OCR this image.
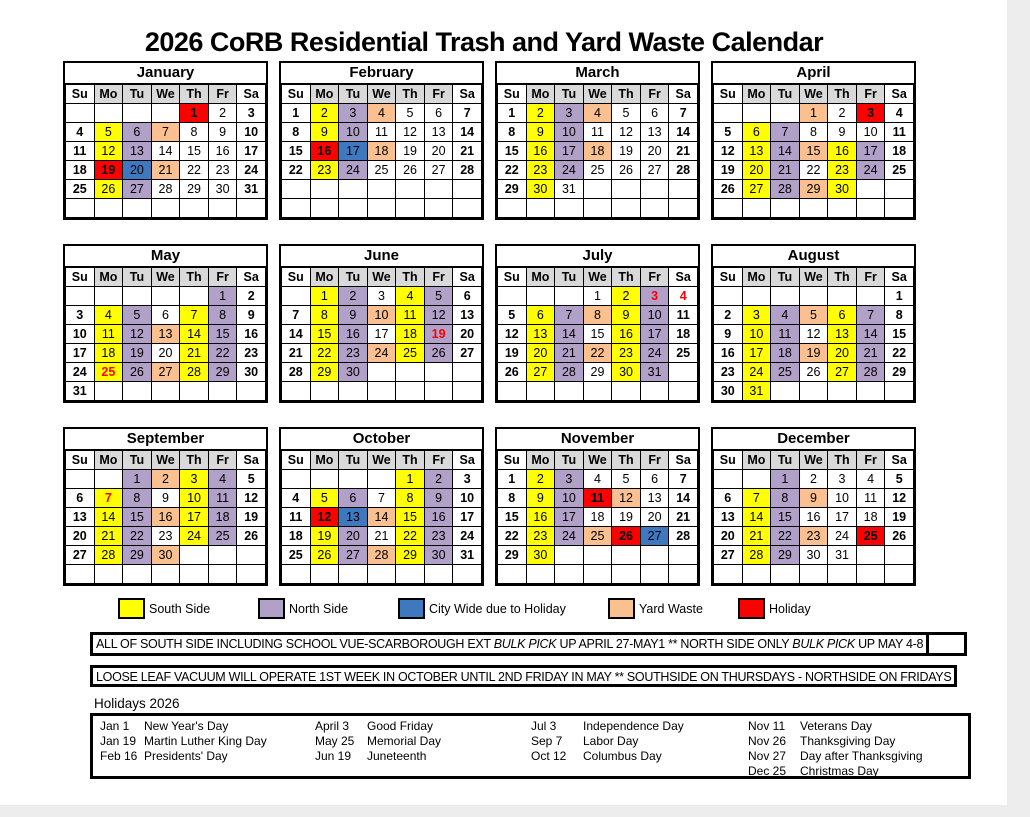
2026 CoRB Residential Trash and Yard Waste Calendar
January
Su	Mo	Tu	We	Th	Fr	Sa
				1	2	3
4	5	6	7	8	9	10
11	12	13	14	15	16	17
18	19	20	21	22	23	24
25	26	27	28	29	30	31

February
Su	Mo	Tu	We	Th	Fr	Sa
1	2	3	4	5	6	7
8	9	10	11	12	13	14
15	16	17	18	19	20	21
22	23	24	25	26	27	28

March
Su	Mo	Tu	We	Th	Fr	Sa
1	2	3	4	5	6	7
8	9	10	11	12	13	14
15	16	17	18	19	20	21
22	23	24	25	26	27	28
29	30	31				

April
Su	Mo	Tu	We	Th	Fr	Sa
			1	2	3	4
5	6	7	8	9	10	11
12	13	14	15	16	17	18
19	20	21	22	23	24	25
26	27	28	29	30		

May
Su	Mo	Tu	We	Th	Fr	Sa
					1	2
3	4	5	6	7	8	9
10	11	12	13	14	15	16
17	18	19	20	21	22	23
24	25	26	27	28	29	30
31						
June
Su	Mo	Tu	We	Th	Fr	Sa
	1	2	3	4	5	6
7	8	9	10	11	12	13
14	15	16	17	18	19	20
21	22	23	24	25	26	27
28	29	30				

July
Su	Mo	Tu	We	Th	Fr	Sa
			1	2	3	4
5	6	7	8	9	10	11
12	13	14	15	16	17	18
19	20	21	22	23	24	25
26	27	28	29	30	31	

August
Su	Mo	Tu	We	Th	Fr	Sa
						1
2	3	4	5	6	7	8
9	10	11	12	13	14	15
16	17	18	19	20	21	22
23	24	25	26	27	28	29
30	31					
September
Su	Mo	Tu	We	Th	Fr	Sa
		1	2	3	4	5
6	7	8	9	10	11	12
13	14	15	16	17	18	19
20	21	22	23	24	25	26
27	28	29	30			

October
Su	Mo	Tu	We	Th	Fr	Sa
				1	2	3
4	5	6	7	8	9	10
11	12	13	14	15	16	17
18	19	20	21	22	23	24
25	26	27	28	29	30	31

November
Su	Mo	Tu	We	Th	Fr	Sa
1	2	3	4	5	6	7
8	9	10	11	12	13	14
15	16	17	18	19	20	21
22	23	24	25	26	27	28
29	30					

December
Su	Mo	Tu	We	Th	Fr	Sa
		1	2	3	4	5
6	7	8	9	10	11	12
13	14	15	16	17	18	19
20	21	22	23	24	25	26
27	28	29	30	31		

South Side	North Side	City Wide due to Holiday	Yard Waste	Holiday
ALL OF SOUTH SIDE INCLUDING SCHOOL VUE-SCARBOROUGH EXT BULK PICK UP APRIL 27-MAY1 ** NORTH SIDE ONLY BULK PICK UP MAY 4-8
LOOSE LEAF VACUUM WILL OPERATE 1ST WEEK IN OCTOBER UNTIL 2ND FRIDAY IN MAY ** SOUTHSIDE ON THURSDAYS - NORTHSIDE ON FRIDAYS
Holidays 2026
Jan 1	New Year's Day
Jan 19 Martin Luther King Day
Feb 16 Presidents' Day
April 3	Good Friday
May 25	Memorial Day
Jun 19	Juneteenth
Jul 3	Independence Day
Sep 7	Labor Day
Oct 12	Columbus Day
Nov 11	Veterans Day
Nov 26	Thanksgiving Day
Nov 27	Day after Thanksgiving
Dec 25	Christmas Day
